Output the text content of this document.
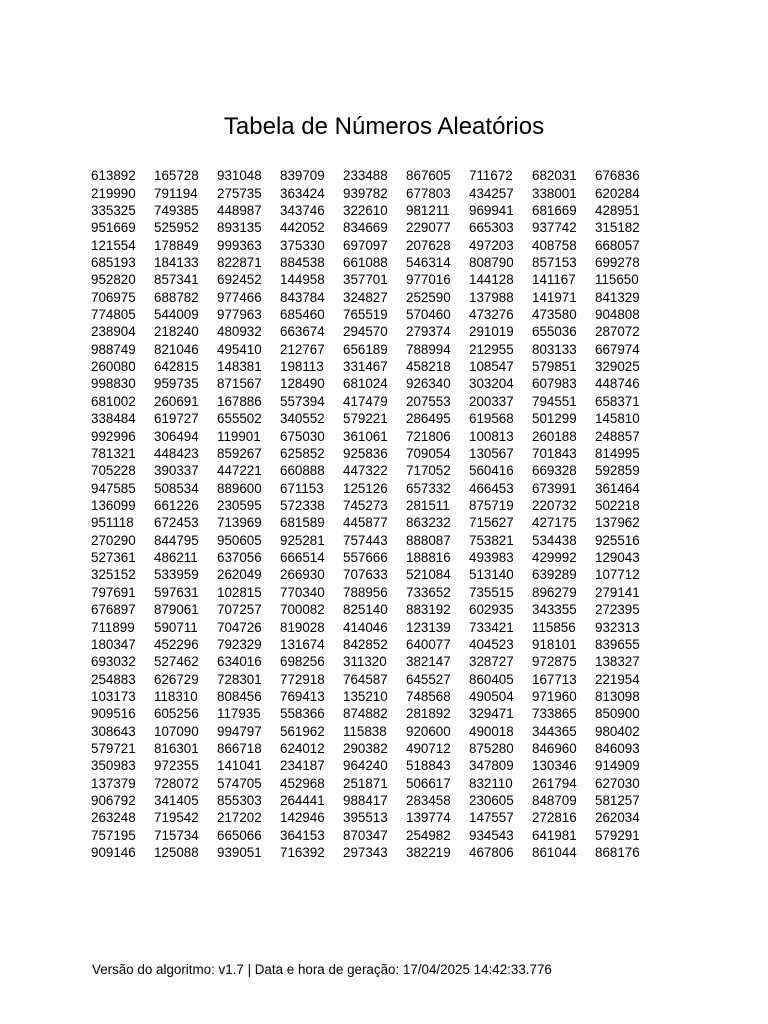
Tabela de Números Aleatórios
613892	165728	931048	839709	233488	867605	711672	682031	676836
219990	791194	275735	363424	939782	677803	434257	338001	620284
335325	749385	448987	343746	322610	981211	969941	681669	428951
951669	525952	893135	442052	834669	229077	665303	937742	315182
121554	178849	999363	375330	697097	207628	497203	408758	668057
685193	184133	822871	884538	661088	546314	808790	857153	699278
952820	857341	692452	144958	357701	977016	144128	141167	115650
706975	688782	977466	843784	324827	252590	137988	141971	841329
774805	544009	977963	685460	765519	570460	473276	473580	904808
238904	218240	480932	663674	294570	279374	291019	655036	287072
988749	821046	495410	212767	656189	788994	212955	803133	667974
260080	642815	148381	198113	331467	458218	108547	579851	329025
998830	959735	871567	128490	681024	926340	303204	607983	448746
681002	260691	167886	557394	417479	207553	200337	794551	658371
338484	619727	655502	340552	579221	286495	619568	501299	145810
992996	306494	119901	675030	361061	721806	100813	260188	248857
781321	448423	859267	625852	925836	709054	130567	701843	814995
705228	390337	447221	660888	447322	717052	560416	669328	592859
947585	508534	889600	671153	125126	657332	466453	673991	361464
136099	661226	230595	572338	745273	281511	875719	220732	502218
951118	672453	713969	681589	445877	863232	715627	427175	137962
270290	844795	950605	925281	757443	888087	753821	534438	925516
527361	486211	637056	666514	557666	188816	493983	429992	129043
325152	533959	262049	266930	707633	521084	513140	639289	107712
797691	597631	102815	770340	788956	733652	735515	896279	279141
676897	879061	707257	700082	825140	883192	602935	343355	272395
711899	590711	704726	819028	414046	123139	733421	115856	932313
180347	452296	792329	131674	842852	640077	404523	918101	839655
693032	527462	634016	698256	311320	382147	328727	972875	138327
254883	626729	728301	772918	764587	645527	860405	167713	221954
103173	118310	808456	769413	135210	748568	490504	971960	813098
909516	605256	117935	558366	874882	281892	329471	733865	850900
308643	107090	994797	561962	115838	920600	490018	344365	980402
579721	816301	866718	624012	290382	490712	875280	846960	846093
350983	972355	141041	234187	964240	518843	347809	130346	914909
137379	728072	574705	452968	251871	506617	832110	261794	627030
906792	341405	855303	264441	988417	283458	230605	848709	581257
263248	719542	217202	142946	395513	139774	147557	272816	262034
757195	715734	665066	364153	870347	254982	934543	641981	579291
909146	125088	939051	716392	297343	382219	467806	861044	868176
Versão do algoritmo: v1.7 | Data e hora de geração: 17/04/2025 14:42:33.776
